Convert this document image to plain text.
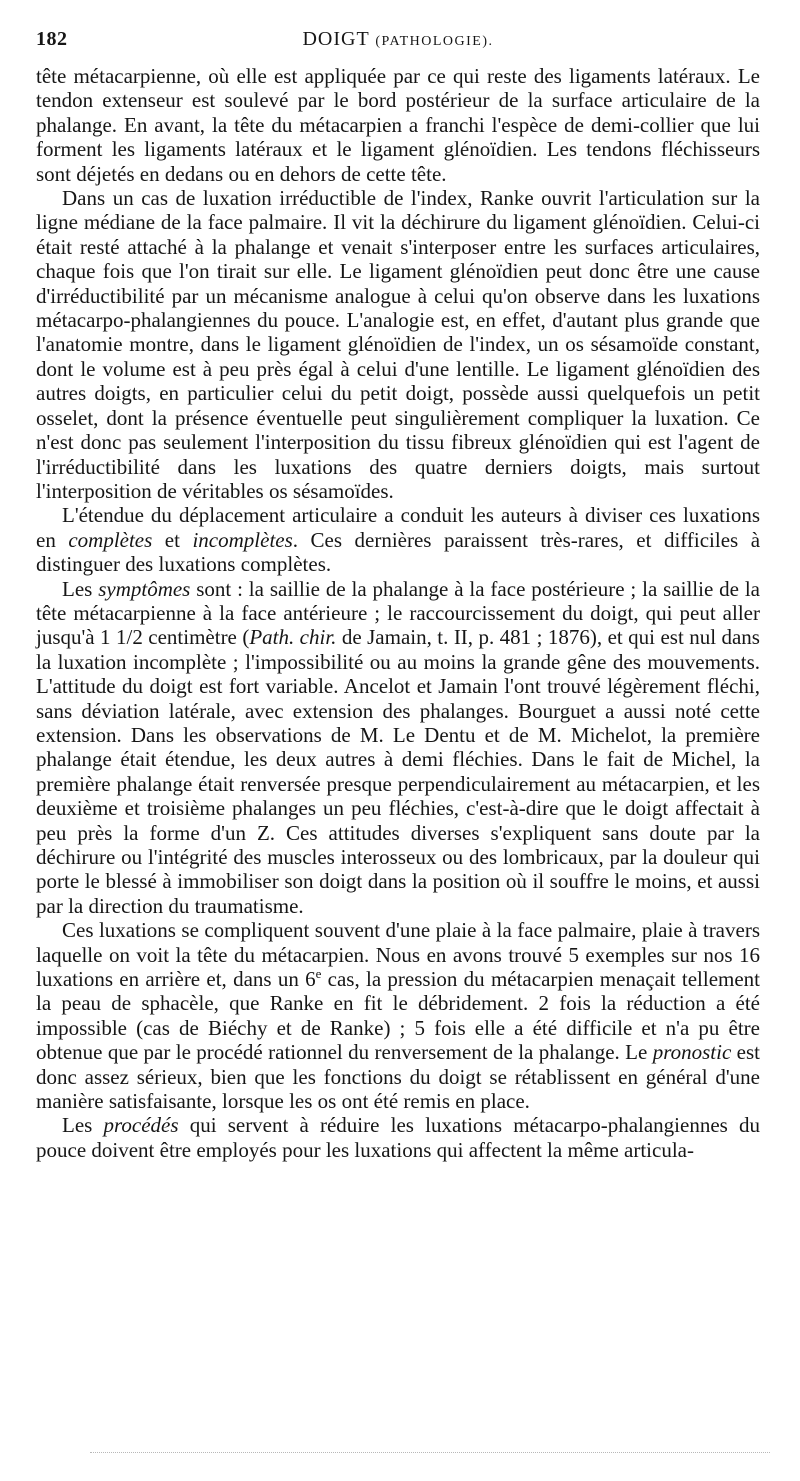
182	DOIGT (PATHOLOGIE).

tête métacarpienne, où elle est appliquée par ce qui reste des ligaments latéraux. Le tendon extenseur est soulevé par le bord postérieur de la surface articulaire de la phalange. En avant, la tête du métacarpien a franchi l'espèce de demi-collier que lui forment les ligaments latéraux et le ligament glénoïdien. Les tendons fléchisseurs sont déjetés en dedans ou en dehors de cette tête.

Dans un cas de luxation irréductible de l'index, Ranke ouvrit l'articulation sur la ligne médiane de la face palmaire. Il vit la déchirure du ligament glénoïdien. Celui-ci était resté attaché à la phalange et venait s'interposer entre les surfaces articulaires, chaque fois que l'on tirait sur elle. Le ligament glénoïdien peut donc être une cause d'irréductibilité par un mécanisme analogue à celui qu'on observe dans les luxations métacarpo-phalangiennes du pouce. L'analogie est, en effet, d'autant plus grande que l'anatomie montre, dans le ligament glénoïdien de l'index, un os sésamoïde constant, dont le volume est à peu près égal à celui d'une lentille. Le ligament glénoïdien des autres doigts, en particulier celui du petit doigt, possède aussi quelquefois un petit osselet, dont la présence éventuelle peut singulièrement compliquer la luxation. Ce n'est donc pas seulement l'interposition du tissu fibreux glénoïdien qui est l'agent de l'irréductibilité dans les luxations des quatre derniers doigts, mais surtout l'interposition de véritables os sésamoïdes.

L'étendue du déplacement articulaire a conduit les auteurs à diviser ces luxations en complètes et incomplètes. Ces dernières paraissent très-rares, et difficiles à distinguer des luxations complètes.

Les symptômes sont : la saillie de la phalange à la face postérieure ; la saillie de la tête métacarpienne à la face antérieure ; le raccourcissement du doigt, qui peut aller jusqu'à 1 1/2 centimètre (Path. chir. de Jamain, t. II, p. 481 ; 1876), et qui est nul dans la luxation incomplète ; l'impossibilité ou au moins la grande gêne des mouvements. L'attitude du doigt est fort variable. Ancelot et Jamain l'ont trouvé légèrement fléchi, sans déviation latérale, avec extension des phalanges. Bourguet a aussi noté cette extension. Dans les observations de M. Le Dentu et de M. Michelot, la première phalange était étendue, les deux autres à demi fléchies. Dans le fait de Michel, la première phalange était renversée presque perpendiculairement au métacarpien, et les deuxième et troisième phalanges un peu fléchies, c'est-à-dire que le doigt affectait à peu près la forme d'un Z. Ces attitudes diverses s'expliquent sans doute par la déchirure ou l'intégrité des muscles interosseux ou des lombricaux, par la douleur qui porte le blessé à immobiliser son doigt dans la position où il souffre le moins, et aussi par la direction du traumatisme.

Ces luxations se compliquent souvent d'une plaie à la face palmaire, plaie à travers laquelle on voit la tête du métacarpien. Nous en avons trouvé 5 exemples sur nos 16 luxations en arrière et, dans un 6e cas, la pression du métacarpien menaçait tellement la peau de sphacèle, que Ranke en fit le débridement. 2 fois la réduction a été impossible (cas de Biéchy et de Ranke) ; 5 fois elle a été difficile et n'a pu être obtenue que par le procédé rationnel du renversement de la phalange. Le pronostic est donc assez sérieux, bien que les fonctions du doigt se rétablissent en général d'une manière satisfaisante, lorsque les os ont été remis en place.

Les procédés qui servent à réduire les luxations métacarpo-phalangiennes du pouce doivent être employés pour les luxations qui affectent la même articula-
